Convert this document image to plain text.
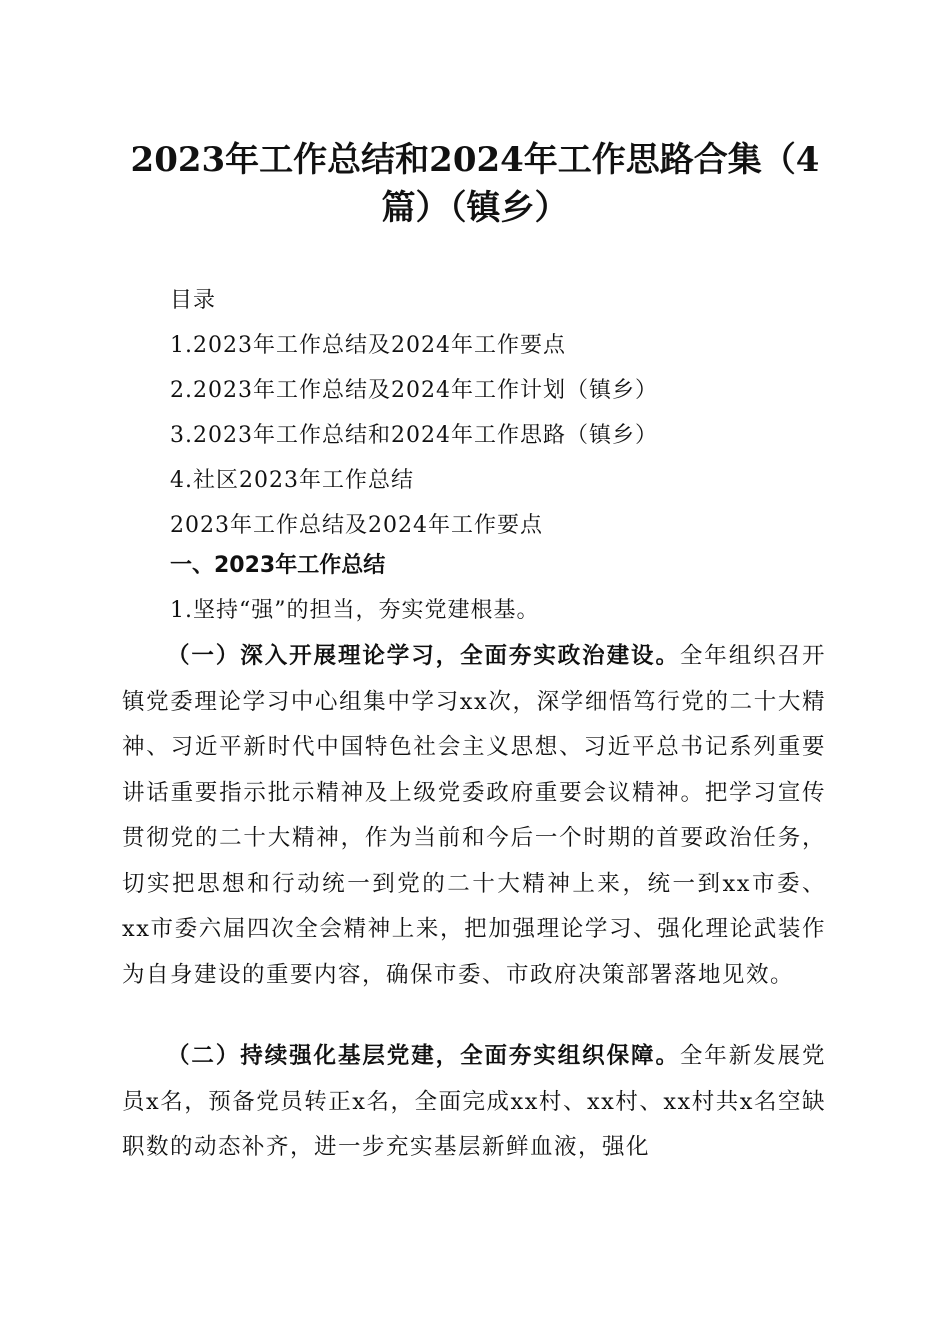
2023年工作总结和2024年工作思路合集（4篇）（镇乡）
目录
1.2023年工作总结及2024年工作要点
2.2023年工作总结及2024年工作计划（镇乡）
3.2023年工作总结和2024年工作思路（镇乡）
4.社区2023年工作总结
2023年工作总结及2024年工作要点
一、2023年工作总结
1.坚持“强”的担当，夯实党建根基。

（一）深入开展理论学习，全面夯实政治建设。全年组织召开镇党委理论学习中心组集中学习xx次，深学细悟笃行党的二十大精神、习近平新时代中国特色社会主义思想、习近平总书记系列重要讲话重要指示批示精神及上级党委政府重要会议精神。把学习宣传贯彻党的二十大精神，作为当前和今后一个时期的首要政治任务，切实把思想和行动统一到党的二十大精神上来，统一到xx市委、xx市委六届四次全会精神上来，把加强理论学习、强化理论武装作为自身建设的重要内容，确保市委、市政府决策部署落地见效。

（二）持续强化基层党建，全面夯实组织保障。全年新发展党员x名，预备党员转正x名，全面完成xx村、xx村、xx村共x名空缺职数的动态补齐，进一步充实基层新鲜血液，强化
